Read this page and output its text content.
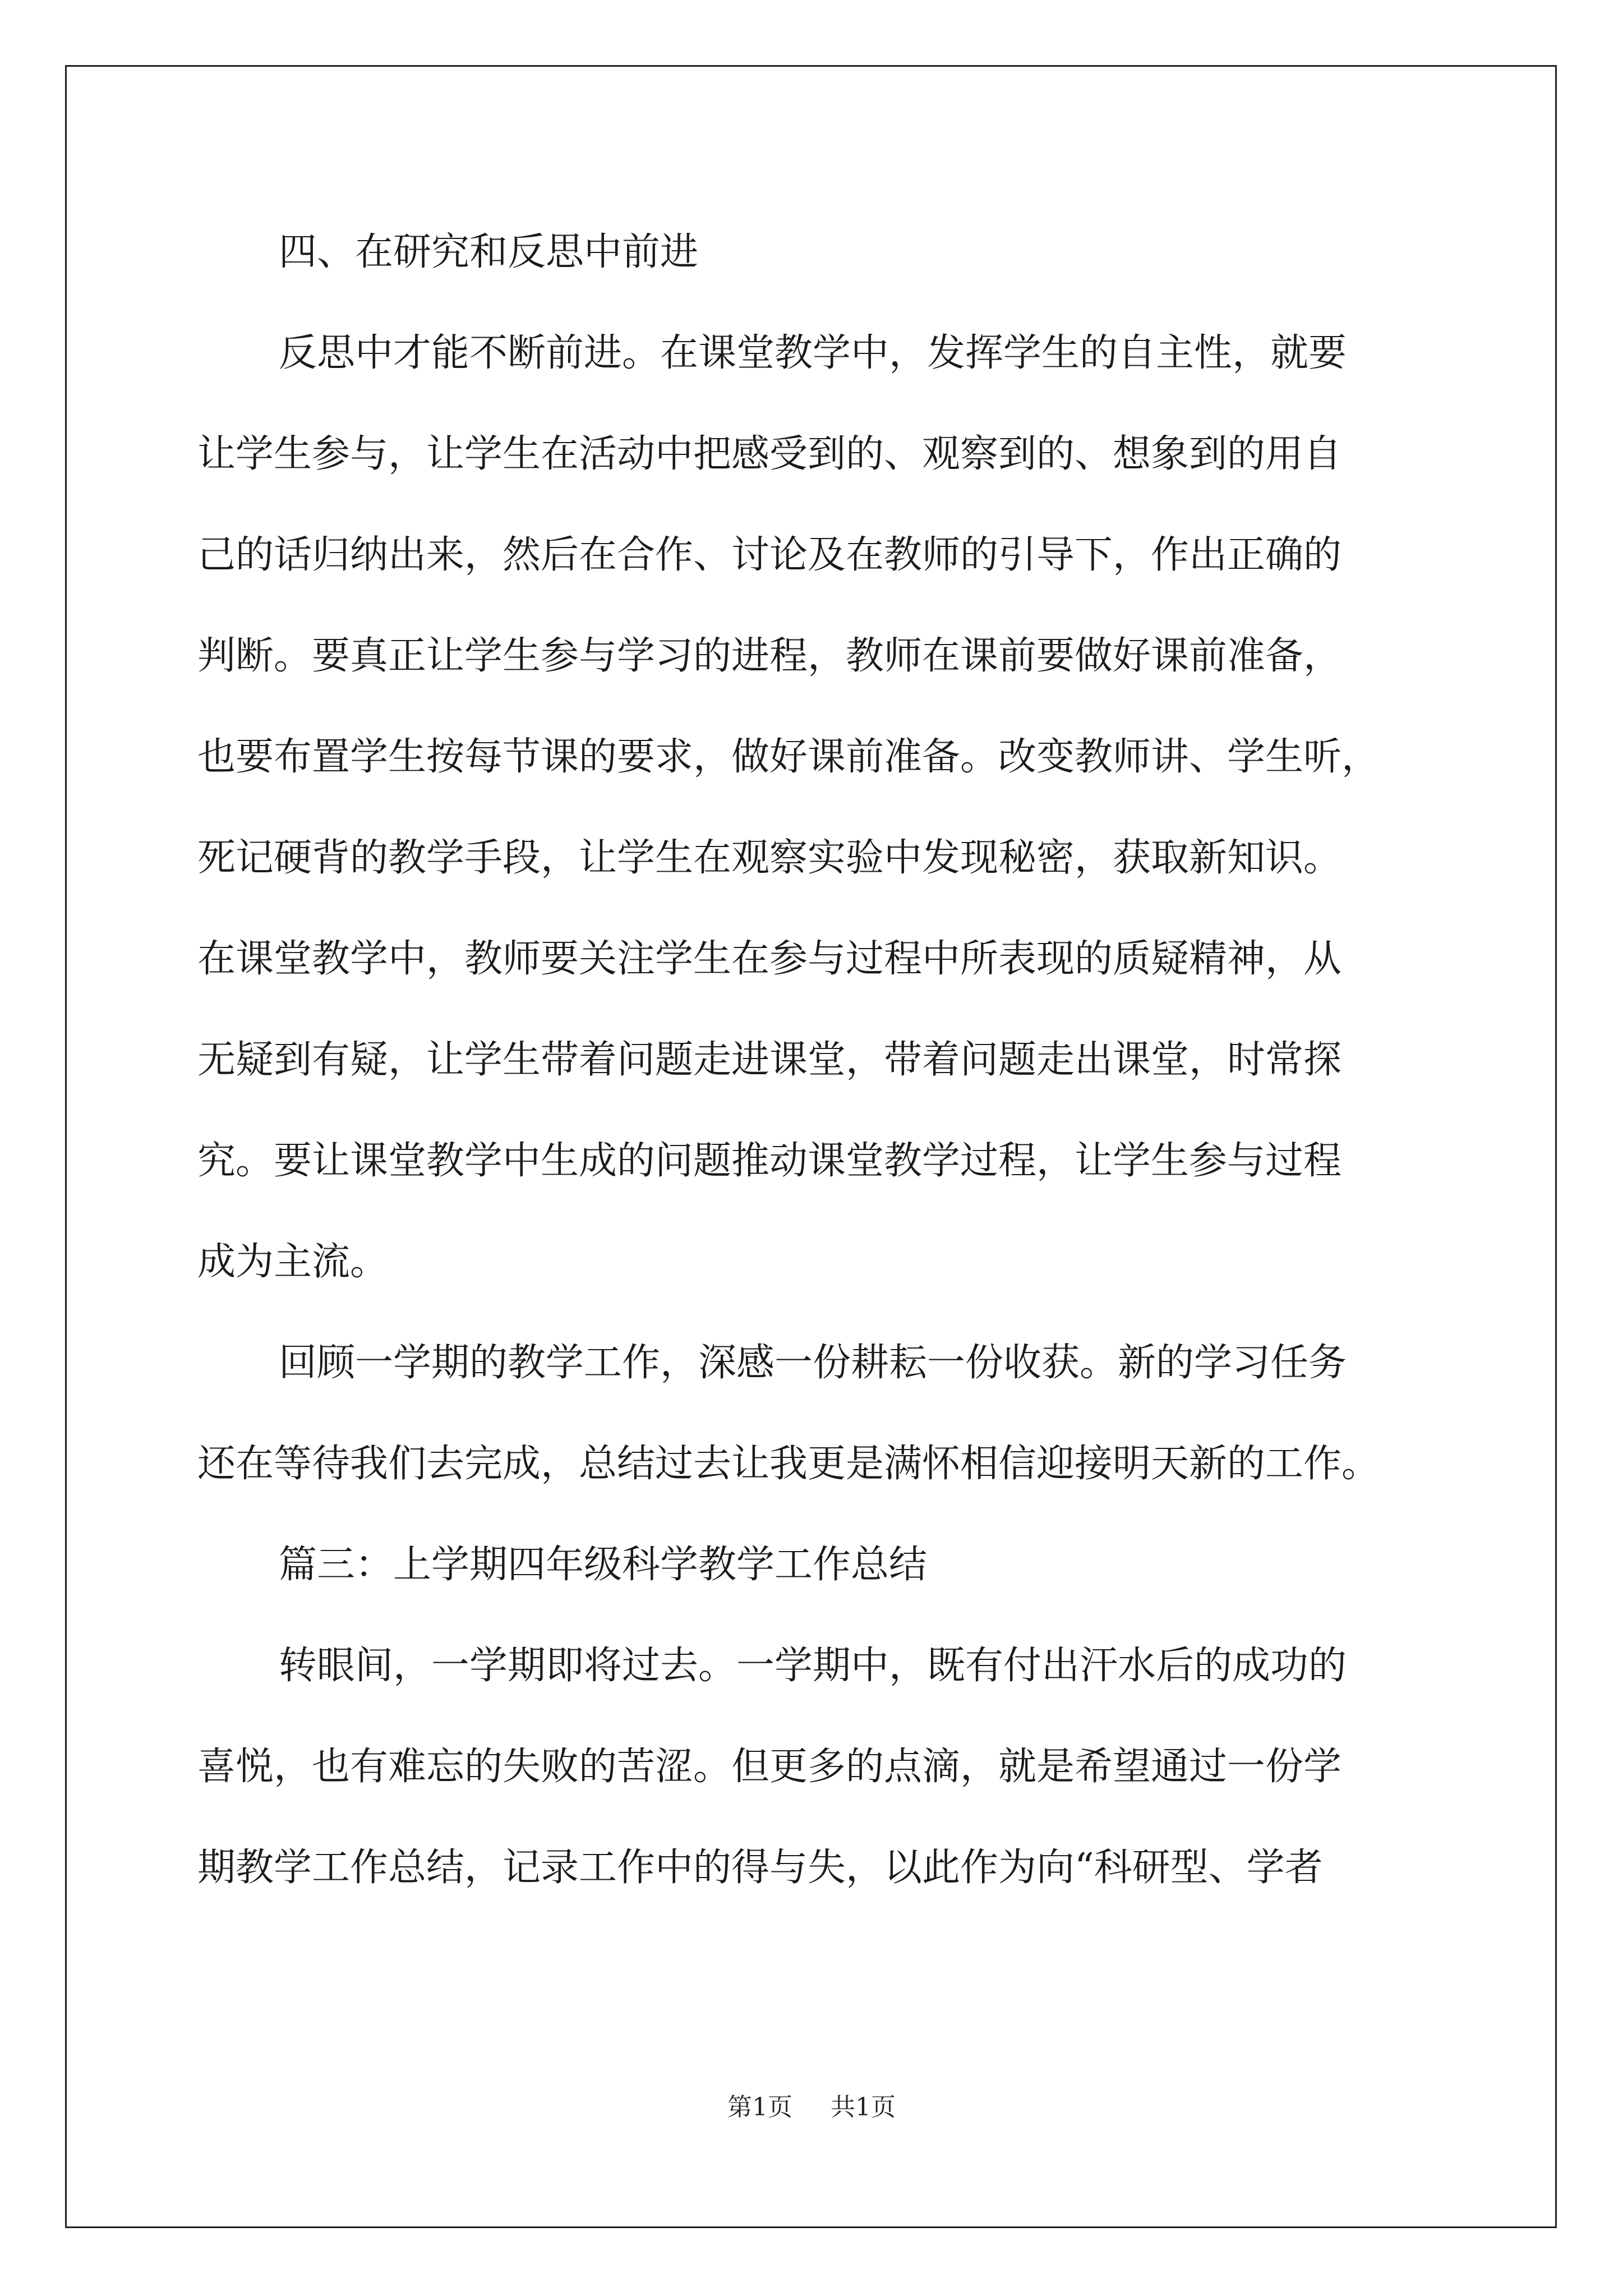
四、在研究和反思中前进
反思中才能不断前进。在课堂教学中，发挥学生的自主性，就要
让学生参与，让学生在活动中把感受到的、观察到的、想象到的用自
己的话归纳出来，然后在合作、讨论及在教师的引导下，作出正确的
判断。要真正让学生参与学习的进程，教师在课前要做好课前准备，
也要布置学生按每节课的要求，做好课前准备。改变教师讲、学生听，
死记硬背的教学手段，让学生在观察实验中发现秘密，获取新知识。
在课堂教学中，教师要关注学生在参与过程中所表现的质疑精神，从
无疑到有疑，让学生带着问题走进课堂，带着问题走出课堂，时常探
究。要让课堂教学中生成的问题推动课堂教学过程，让学生参与过程
成为主流。
回顾一学期的教学工作，深感一份耕耘一份收获。新的学习任务
还在等待我们去完成，总结过去让我更是满怀相信迎接明天新的工作。
篇三：上学期四年级科学教学工作总结
转眼间，一学期即将过去。一学期中，既有付出汗水后的成功的
喜悦，也有难忘的失败的苦涩。但更多的点滴，就是希望通过一份学
期教学工作总结，记录工作中的得与失，以此作为向“科研型、学者
第1页 共1页
